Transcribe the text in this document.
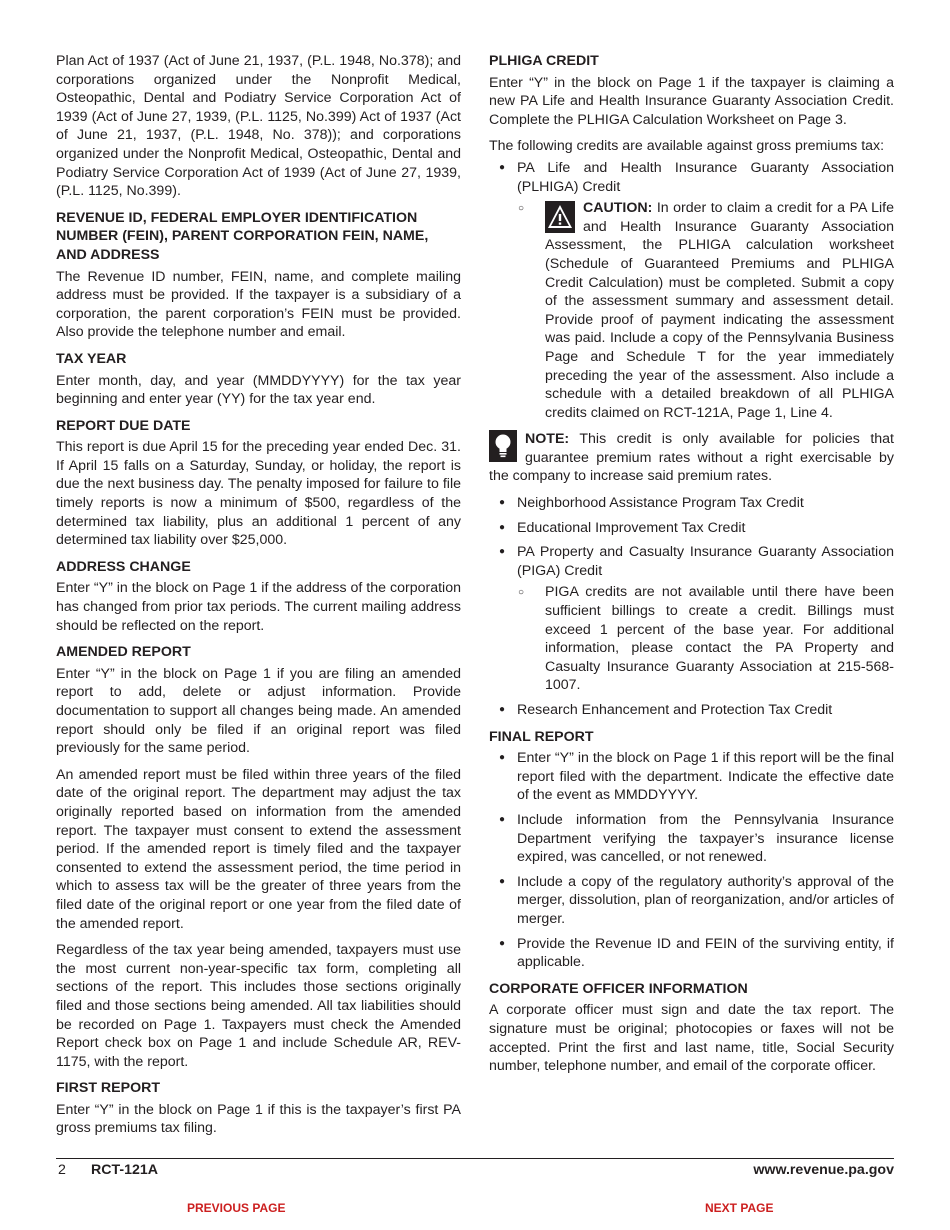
Plan Act of 1937 (Act of June 21, 1937, (P.L. 1948, No.378); and corporations organized under the Nonprofit Medical, Osteopathic, Dental and Podiatry Service Corporation Act of 1939 (Act of June 27, 1939, (P.L. 1125, No.399) Act of 1937 (Act of June 21, 1937, (P.L. 1948, No. 378)); and corporations organized under the Nonprofit Medical, Osteopathic, Dental and Podiatry Service Corporation Act of 1939 (Act of June 27, 1939, (P.L. 1125, No.399).

REVENUE ID, FEDERAL EMPLOYER IDENTIFICATION NUMBER (FEIN), PARENT CORPORATION FEIN, NAME, AND ADDRESS

The Revenue ID number, FEIN, name, and complete mailing address must be provided. If the taxpayer is a subsidiary of a corporation, the parent corporation’s FEIN must be provided. Also provide the telephone number and email.

TAX YEAR

Enter month, day, and year (MMDDYYYY) for the tax year beginning and enter year (YY) for the tax year end.

REPORT DUE DATE

This report is due April 15 for the preceding year ended Dec. 31. If April 15 falls on a Saturday, Sunday, or holiday, the report is due the next business day. The penalty imposed for failure to file timely reports is now a minimum of $500, regardless of the determined tax liability, plus an additional 1 percent of any determined tax liability over $25,000.

ADDRESS CHANGE

Enter “Y” in the block on Page 1 if the address of the corporation has changed from prior tax periods. The current mailing address should be reflected on the report.

AMENDED REPORT

Enter “Y” in the block on Page 1 if you are filing an amended report to add, delete or adjust information. Provide documentation to support all changes being made. An amended report should only be filed if an original report was filed previously for the same period.

An amended report must be filed within three years of the filed date of the original report. The department may adjust the tax originally reported based on information from the amended report. The taxpayer must consent to extend the assessment period. If the amended report is timely filed and the taxpayer consented to extend the assessment period, the time period in which to assess tax will be the greater of three years from the filed date of the original report or one year from the filed date of the amended report.

Regardless of the tax year being amended, taxpayers must use the most current non-year-specific tax form, completing all sections of the report. This includes those sections originally filed and those sections being amended. All tax liabilities should be recorded on Page 1. Taxpayers must check the Amended Report check box on Page 1 and include Schedule AR, REV-1175, with the report.

FIRST REPORT

Enter “Y” in the block on Page 1 if this is the taxpayer’s first PA gross premiums tax filing.

PLHIGA CREDIT

Enter “Y” in the block on Page 1 if the taxpayer is claiming a new PA Life and Health Insurance Guaranty Association Credit. Complete the PLHIGA Calculation Worksheet on Page 3.

The following credits are available against gross premiums tax:

● PA Life and Health Insurance Guaranty Association (PLHIGA) Credit
○	CAUTION: In order to claim a credit for a PA Life and Health Insurance Guaranty Association Assessment, the PLHIGA calculation worksheet (Schedule of Guaranteed Premiums and PLHIGA Credit Calculation) must be completed. Submit a copy of the assessment summary and assessment detail. Provide proof of payment indicating the assessment was paid. Include a copy of the Pennsylvania Business Page and Schedule T for the year immediately preceding the year of the assessment. Also include a schedule with a detailed breakdown of all PLHIGA credits claimed on RCT-121A, Page 1, Line 4.
NOTE: This credit is only available for policies that guarantee premium rates without a right exercisable by the company to increase said premium rates.
● Neighborhood Assistance Program Tax Credit
● Educational Improvement Tax Credit
● PA Property and Casualty Insurance Guaranty Association (PIGA) Credit
○ PIGA credits are not available until there have been sufficient billings to create a credit. Billings must exceed 1 percent of the base year. For additional information, please contact the PA Property and Casualty Insurance Guaranty Association at 215-568-1007.
● Research Enhancement and Protection Tax Credit
FINAL REPORT
● Enter “Y” in the block on Page 1 if this report will be the final report filed with the department. Indicate the effective date of the event as MMDDYYYY.
● Include information from the Pennsylvania Insurance Department verifying the taxpayer’s insurance license expired, was cancelled, or not renewed.
● Include a copy of the regulatory authority’s approval of the merger, dissolution, plan of reorganization, and/or articles of merger.
● Provide the Revenue ID and FEIN of the surviving entity, if applicable.
CORPORATE OFFICER INFORMATION

A corporate officer must sign and date the tax report. The signature must be original; photocopies or faxes will not be accepted. Print the first and last name, title, Social Security number, telephone number, and email of the corporate officer.

2 RCT-121A	www.revenue.pa.gov
PREVIOUS PAGE	NEXT PAGE
